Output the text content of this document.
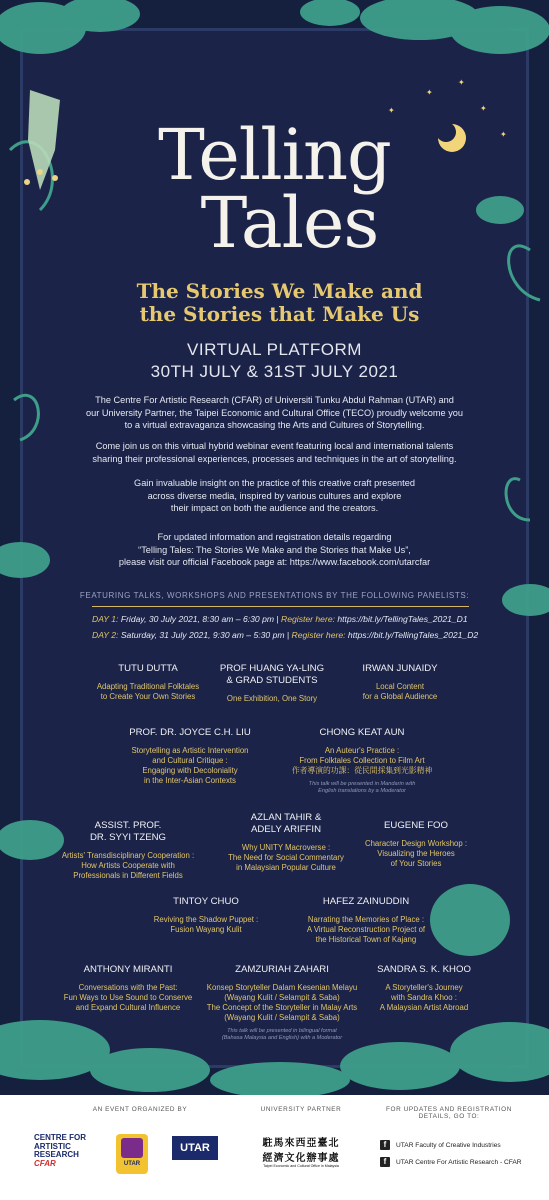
✦
✦
✦
✦
✦
Telling
Tales
The Stories We Make and
the Stories that Make Us
VIRTUAL PLATFORM
30TH JULY & 31ST JULY 2021
The Centre For Artistic Research (CFAR) of Universiti Tunku Abdul Rahman (UTAR) and
our University Partner, the Taipei Economic and Cultural Office (TECO) proudly welcome you
to a virtual extravaganza showcasing the Arts and Cultures of Storytelling.
Come join us on this virtual hybrid webinar event featuring local and international talents
sharing their professional experiences, processes and techniques in the art of storytelling.
Gain invaluable insight on the practice of this creative craft presented
across diverse media, inspired by various cultures and explore
their impact on both the audience and the creators.
For updated information and registration details regarding
“Telling Tales: The Stories We Make and the Stories that Make Us”,
please visit our official Facebook page at: https://www.facebook.com/utarcfar
FEATURING TALKS, WORKSHOPS AND PRESENTATIONS BY THE FOLLOWING PANELISTS:
DAY 1: Friday, 30 July 2021, 8:30 am – 6:30 pm | Register here: https://bit.ly/TellingTales_2021_D1
DAY 2: Saturday, 31 July 2021, 9:30 am – 5:30 pm | Register here: https://bit.ly/TellingTales_2021_D2
TUTU DUTTA
Adapting Traditional Folktales
to Create Your Own Stories
PROF HUANG YA-LING
& GRAD STUDENTS
One Exhibition, One Story
IRWAN JUNAIDY
Local Content
for a Global Audience
PROF. DR. JOYCE C.H. LIU
Storytelling as Artistic Intervention
and Cultural Critique :
Engaging with Decoloniality
in the Inter-Asian Contexts
CHONG KEAT AUN
An Auteur's Practice :
From Folktales Collection to Film Art
作者導演的功課：從民間採集到光影精神
This talk will be presented in Mandarin with
English translations by a Moderator
ASSIST. PROF.
DR. SYYI TZENG
Artists' Transdisciplinary Cooperation :
How Artists Cooperate with
Professionals in Different Fields
AZLAN TAHIR &
ADELY ARIFFIN
Why UNITY Macroverse :
The Need for Social Commentary
in Malaysian Popular Culture
EUGENE FOO
Character Design Workshop :
Visualizing the Heroes
of Your Stories
TINTOY CHUO
Reviving the Shadow Puppet :
Fusion Wayang Kulit
HAFEZ ZAINUDDIN
Narrating the Memories of Place :
A Virtual Reconstruction Project of
the Historical Town of Kajang
ANTHONY MIRANTI
Conversations with the Past:
Fun Ways to Use Sound to Conserve
and Expand Cultural Influence
ZAMZURIAH ZAHARI
Konsep Storyteller Dalam Kesenian Melayu
(Wayang Kulit / Selampit & Saba)
The Concept of the Storyteller in Malay Arts
(Wayang Kulit / Selampit & Saba)
This talk will be presented in bilingual format
(Bahasa Malaysia and English) with a Moderator
SANDRA S. K. KHOO
A Storyteller's Journey
with Sandra Khoo :
A Malaysian Artist Abroad
AN EVENT ORGANIZED BY	UNIVERSITY PARTNER	FOR UPDATES AND REGISTRATION
DETAILS, GO TO:
CENTRE FOR
ARTISTIC
RESEARCH
CFAR	UTAR
UTAR	駐馬來西亞臺北
經濟文化辦事處
Taipei Economic and Cultural Office in Malaysia
f	UTAR Faculty of Creative Industries
f	UTAR Centre For Artistic Research - CFAR
